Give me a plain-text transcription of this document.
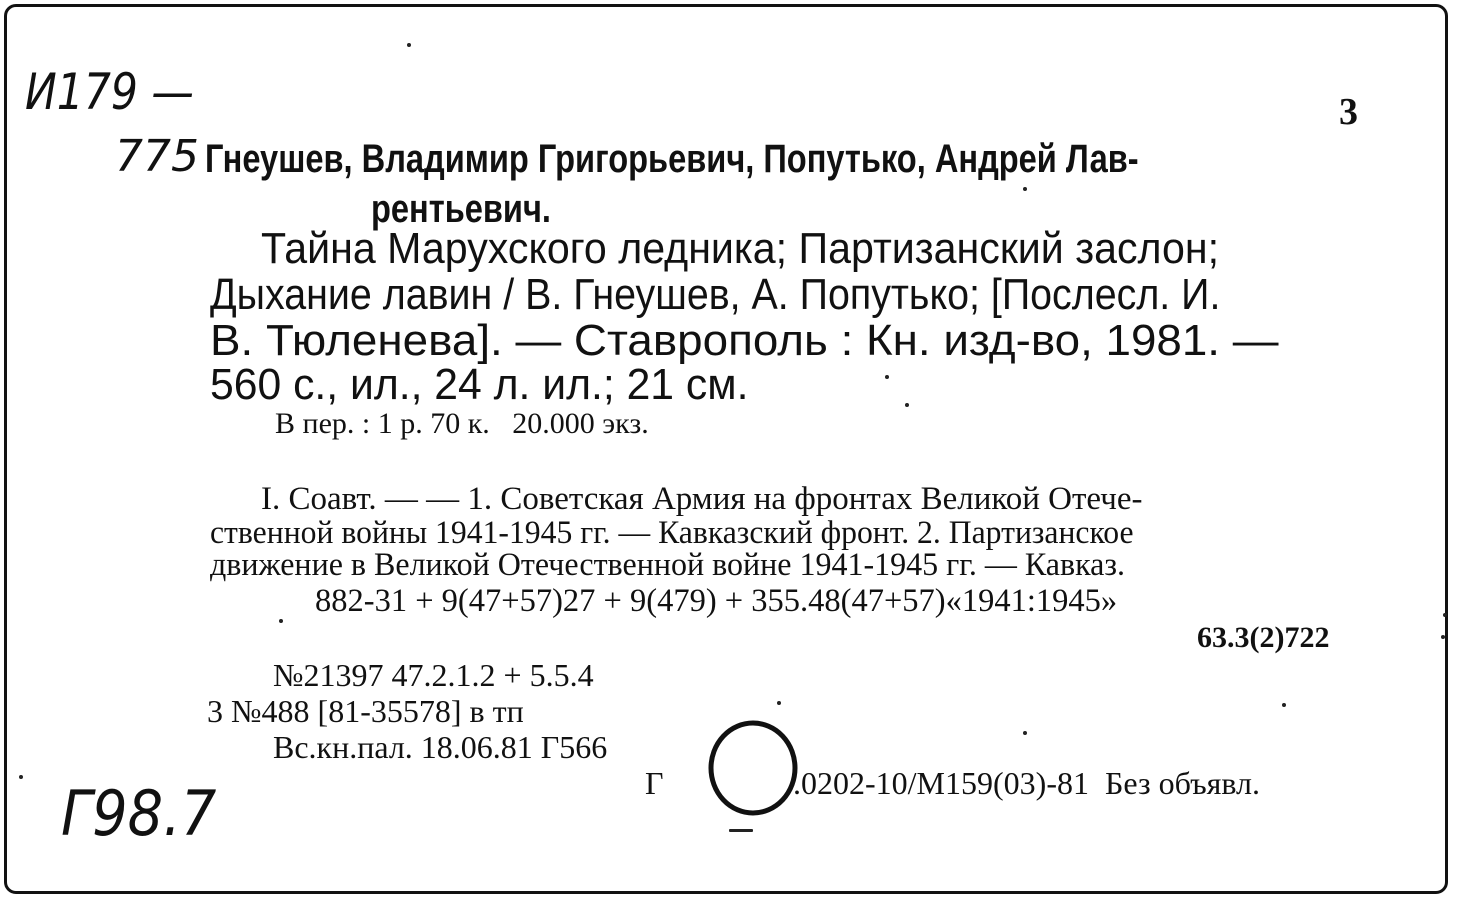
И179 —
775
3
Гнеушев, Владимир Григорьевич, Попутько, Андрей Лав-
рентьевич.
Тайна Марухского ледника; Партизанский заслон;
Дыхание лавин / В. Гнеушев, А. Попутько; [Послесл. И.
В. Тюленева]. — Ставрополь : Кн. изд-во, 1981. —
560 с., ил., 24 л. ил.; 21 см.
В пер. : 1 р. 70 к.   20.000 экз.
I. Соавт. — — 1. Советская Армия на фронтах Великой Отече-
ственной войны 1941-1945 гг. — Кавказский фронт. 2. Партизанское
движение в Великой Отечественной войне 1941-1945 гг. — Кавказ.
882-31 + 9(47+57)27 + 9(479) + 355.48(47+57)«1941:1945»
63.3(2)722
№21397 47.2.1.2 + 5.5.4
3 №488 [81-35578] в тп
Вс.кн.пал. 18.06.81 Г566
Г	.0202-10/М159(03)-81  Без объявл.
Г98.7
